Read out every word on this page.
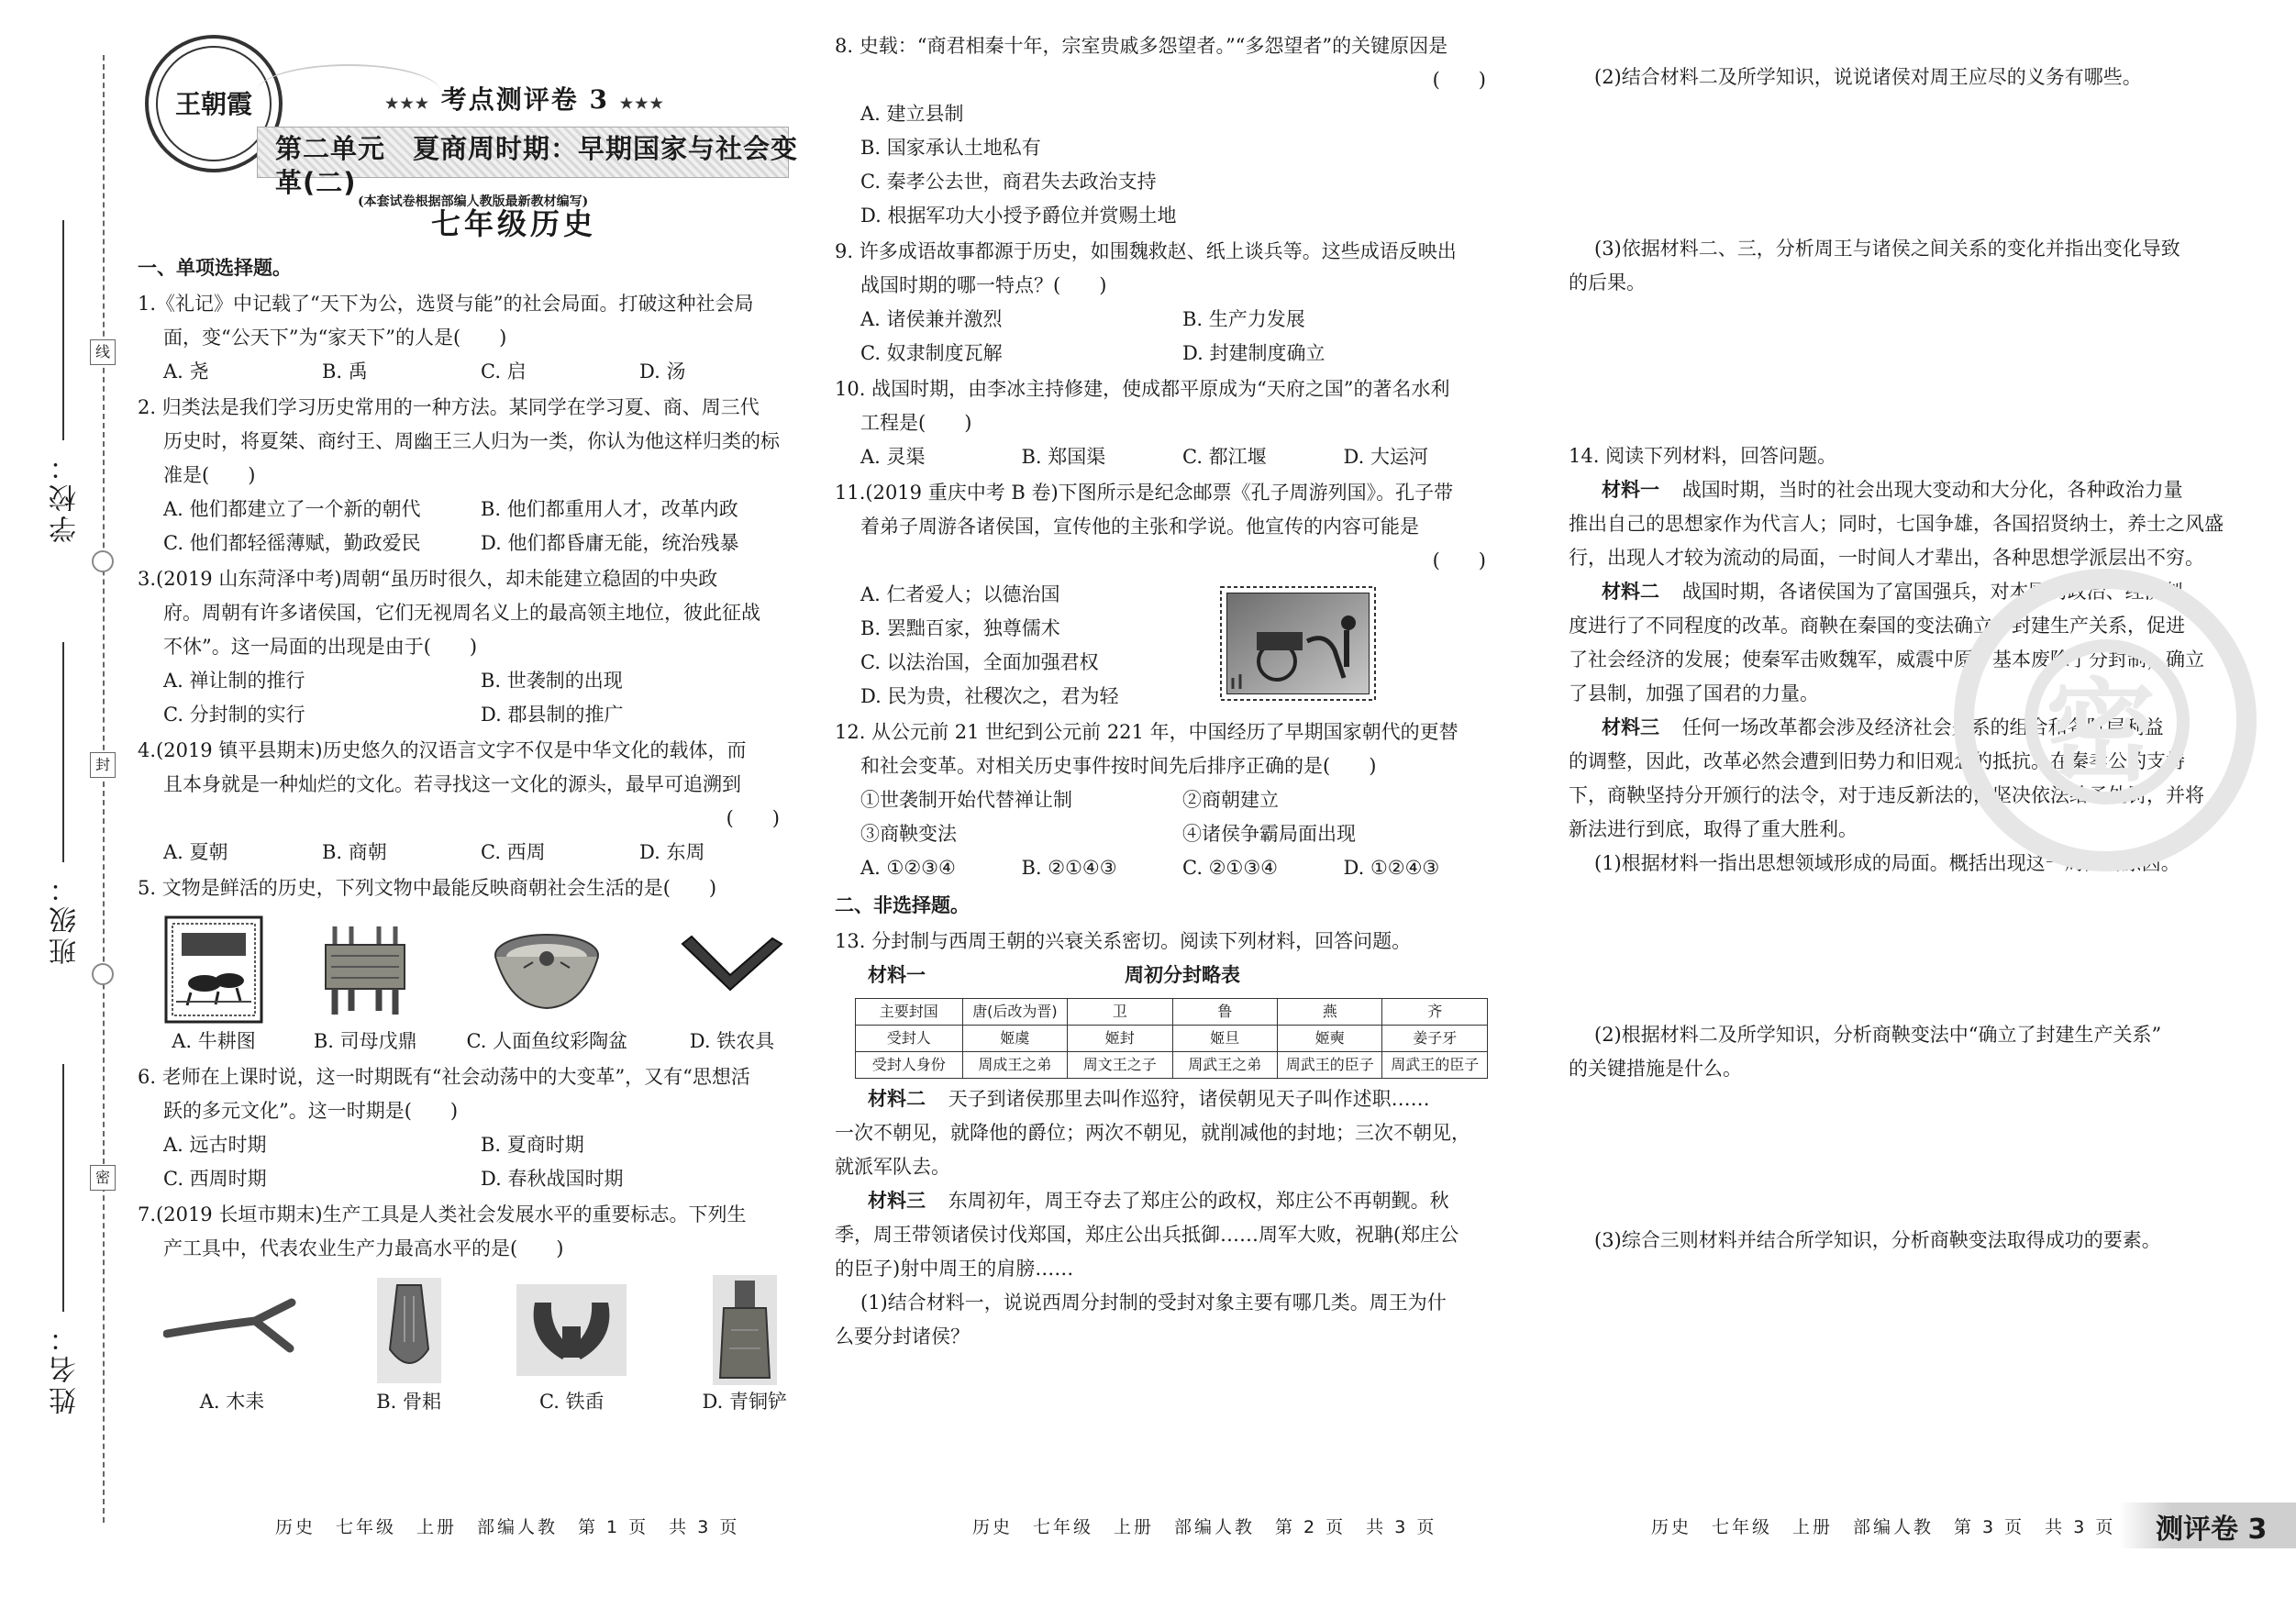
线
封
密
学校：
班级：
姓名：
王朝霞	★★★ 考点测评卷 3 ★★★
第二单元　夏商周时期：早期国家与社会变革(二)
(本套试卷根据部编人教版最新教材编写)
七年级历史
一、单项选择题。
1.《礼记》中记载了“天下为公，选贤与能”的社会局面。打破这种社会局
面，变“公天下”为“家天下”的人是(　　)
A. 尧	B. 禹	C. 启	D. 汤
2. 归类法是我们学习历史常用的一种方法。某同学在学习夏、商、周三代
历史时，将夏桀、商纣王、周幽王三人归为一类，你认为他这样归类的标
准是(　　)
A. 他们都建立了一个新的朝代	B. 他们都重用人才，改革内政
C. 他们都轻徭薄赋，勤政爱民	D. 他们都昏庸无能，统治残暴
3.(2019 山东菏泽中考)周朝“虽历时很久，却未能建立稳固的中央政
府。周朝有许多诸侯国，它们无视周名义上的最高领主地位，彼此征战
不休”。这一局面的出现是由于(　　)
A. 禅让制的推行	B. 世袭制的出现
C. 分封制的实行	D. 郡县制的推广
4.(2019 镇平县期末)历史悠久的汉语言文字不仅是中华文化的载体，而
且本身就是一种灿烂的文化。若寻找这一文化的源头，最早可追溯到
(　　)
A. 夏朝	B. 商朝	C. 西周	D. 东周
5. 文物是鲜活的历史，下列文物中最能反映商朝社会生活的是(　　)
A. 牛耕图	B. 司母戊鼎	C. 人面鱼纹彩陶盆	D. 铁农具
6. 老师在上课时说，这一时期既有“社会动荡中的大变革”，又有“思想活
跃的多元文化”。这一时期是(　　)
A. 远古时期	B. 夏商时期
C. 西周时期	D. 春秋战国时期
7.(2019 长垣市期末)生产工具是人类社会发展水平的重要标志。下列生
产工具中，代表农业生产力最高水平的是(　　)
A. 木耒	B. 骨耜	C. 铁臿	D. 青铜铲
8. 史载：“商君相秦十年，宗室贵戚多怨望者。”“多怨望者”的关键原因是
(　　)
A. 建立县制
B. 国家承认土地私有
C. 秦孝公去世，商君失去政治支持
D. 根据军功大小授予爵位并赏赐土地
9. 许多成语故事都源于历史，如围魏救赵、纸上谈兵等。这些成语反映出
战国时期的哪一特点？(　　)
A. 诸侯兼并激烈	B. 生产力发展
C. 奴隶制度瓦解	D. 封建制度确立
10. 战国时期，由李冰主持修建，使成都平原成为“天府之国”的著名水利
工程是(　　)
A. 灵渠	B. 郑国渠	C. 都江堰	D. 大运河
11.(2019 重庆中考 B 卷)下图所示是纪念邮票《孔子周游列国》。孔子带
着弟子周游各诸侯国，宣传他的主张和学说。他宣传的内容可能是
(　　)
A. 仁者爱人；以德治国
B. 罢黜百家，独尊儒术
C. 以法治国，全面加强君权
D. 民为贵，社稷次之，君为轻
12. 从公元前 21 世纪到公元前 221 年，中国经历了早期国家朝代的更替
和社会变革。对相关历史事件按时间先后排序正确的是(　　)
①世袭制开始代替禅让制	②商朝建立
③商鞅变法	④诸侯争霸局面出现
A. ①②③④	B. ②①④③	C. ②①③④	D. ①②④③
二、非选择题。
13. 分封制与西周王朝的兴衰关系密切。阅读下列材料，回答问题。
材料一	周初分封略表
主要封国	唐(后改为晋)	卫	鲁	燕	齐
受封人	姬虞	姬封	姬旦	姬奭	姜子牙
受封人身份	周成王之弟	周文王之子	周武王之弟	周武王的臣子	周武王的臣子
材料二 天子到诸侯那里去叫作巡狩，诸侯朝见天子叫作述职……
一次不朝见，就降他的爵位；两次不朝见，就削减他的封地；三次不朝见，
就派军队去。
材料三 东周初年，周王夺去了郑庄公的政权，郑庄公不再朝觐。秋
季，周王带领诸侯讨伐郑国，郑庄公出兵抵御……周军大败，祝聃(郑庄公
的臣子)射中周王的肩膀……
(1)结合材料一，说说西周分封制的受封对象主要有哪几类。周王为什
么要分封诸侯？
(2)结合材料二及所学知识，说说诸侯对周王应尽的义务有哪些。
(3)依据材料二、三，分析周王与诸侯之间关系的变化并指出变化导致
的后果。
14. 阅读下列材料，回答问题。
材料一 战国时期，当时的社会出现大变动和大分化，各种政治力量
推出自己的思想家作为代言人；同时，七国争雄，各国招贤纳士，养士之风盛
行，出现人才较为流动的局面，一时间人才辈出，各种思想学派层出不穷。
材料二 战国时期，各诸侯国为了富国强兵，对本国的政治、经济制
度进行了不同程度的改革。商鞅在秦国的变法确立了封建生产关系，促进
了社会经济的发展；使秦军击败魏军，威震中原；基本废除了分封制，确立
了县制，加强了国君的力量。
材料三 任何一场改革都会涉及经济社会关系的组合和各阶层利益
的调整，因此，改革必然会遭到旧势力和旧观念的抵抗。在秦孝公的支持
下，商鞅坚持分开颁行的法令，对于违反新法的，坚决依法给予处罚，并将
新法进行到底，取得了重大胜利。
(1)根据材料一指出思想领域形成的局面。概括出现这一局面的原因。
(2)根据材料二及所学知识，分析商鞅变法中“确立了封建生产关系”
的关键措施是什么。
(3)综合三则材料并结合所学知识，分析商鞅变法取得成功的要素。
密
历史　七年级　上册　部编人教　第 1 页　共 3 页	历史　七年级　上册　部编人教　第 2 页　共 3 页	历史　七年级　上册　部编人教　第 3 页　共 3 页 测评卷 3
